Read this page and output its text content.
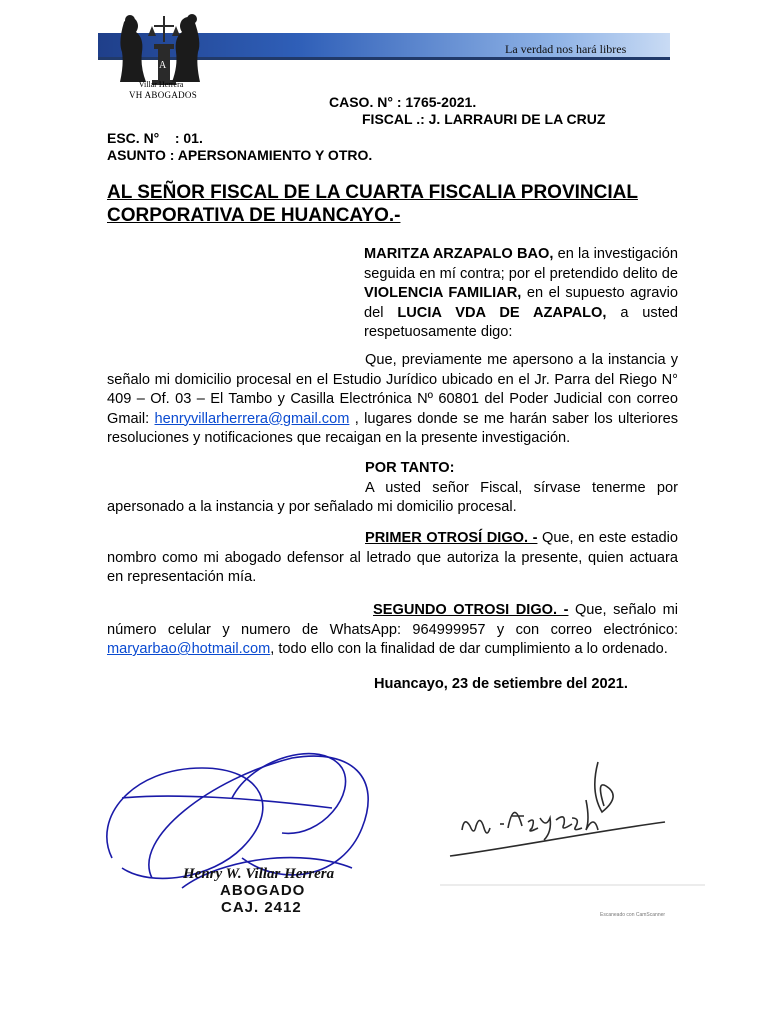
La verdad nos hará libres
A
Villar Herrera
VH ABOGADOS	CASO. N° : 1765-2021.
FISCAL .: J. LARRAURI DE LA CRUZ
ESC. N°    : 01.
ASUNTO : APERSONAMIENTO Y OTRO.
AL SEÑOR FISCAL DE LA CUARTA FISCALIA PROVINCIAL
CORPORATIVA DE HUANCAYO.-
MARITZA ARZAPALO BAO, en la investigación seguida en mí contra; por el pretendido delito de VIOLENCIA FAMILIAR, en el supuesto agravio del LUCIA VDA DE AZAPALO, a usted respetuosamente digo:
Que, previamente me apersono a la instancia y señalo mi domicilio procesal en el Estudio Jurídico ubicado en el Jr. Parra del Riego N° 409 – Of. 03 – El Tambo y Casilla Electrónica Nº 60801 del Poder Judicial con correo Gmail: henryvillarherrera@gmail.com , lugares donde se me harán saber los ulteriores resoluciones y notificaciones que recaigan en la presente investigación.
POR TANTO:
A usted señor Fiscal, sírvase tenerme por apersonado a la instancia y por señalado mi domicilio procesal.
PRIMER OTROSÍ DIGO. - Que, en este estadio nombro como mi abogado defensor al letrado que autoriza la presente, quien actuara en representación mía.
SEGUNDO OTROSI DIGO. - Que, señalo mi número celular y numero de WhatsApp: 964999957 y con correo electrónico: maryarbao@hotmail.com, todo ello con la finalidad de dar cumplimiento a lo ordenado.
Huancayo, 23 de setiembre del 2021.
Henry W. Villar Herrera
ABOGADO
CAJ. 2412	Escaneado con CamScanner
